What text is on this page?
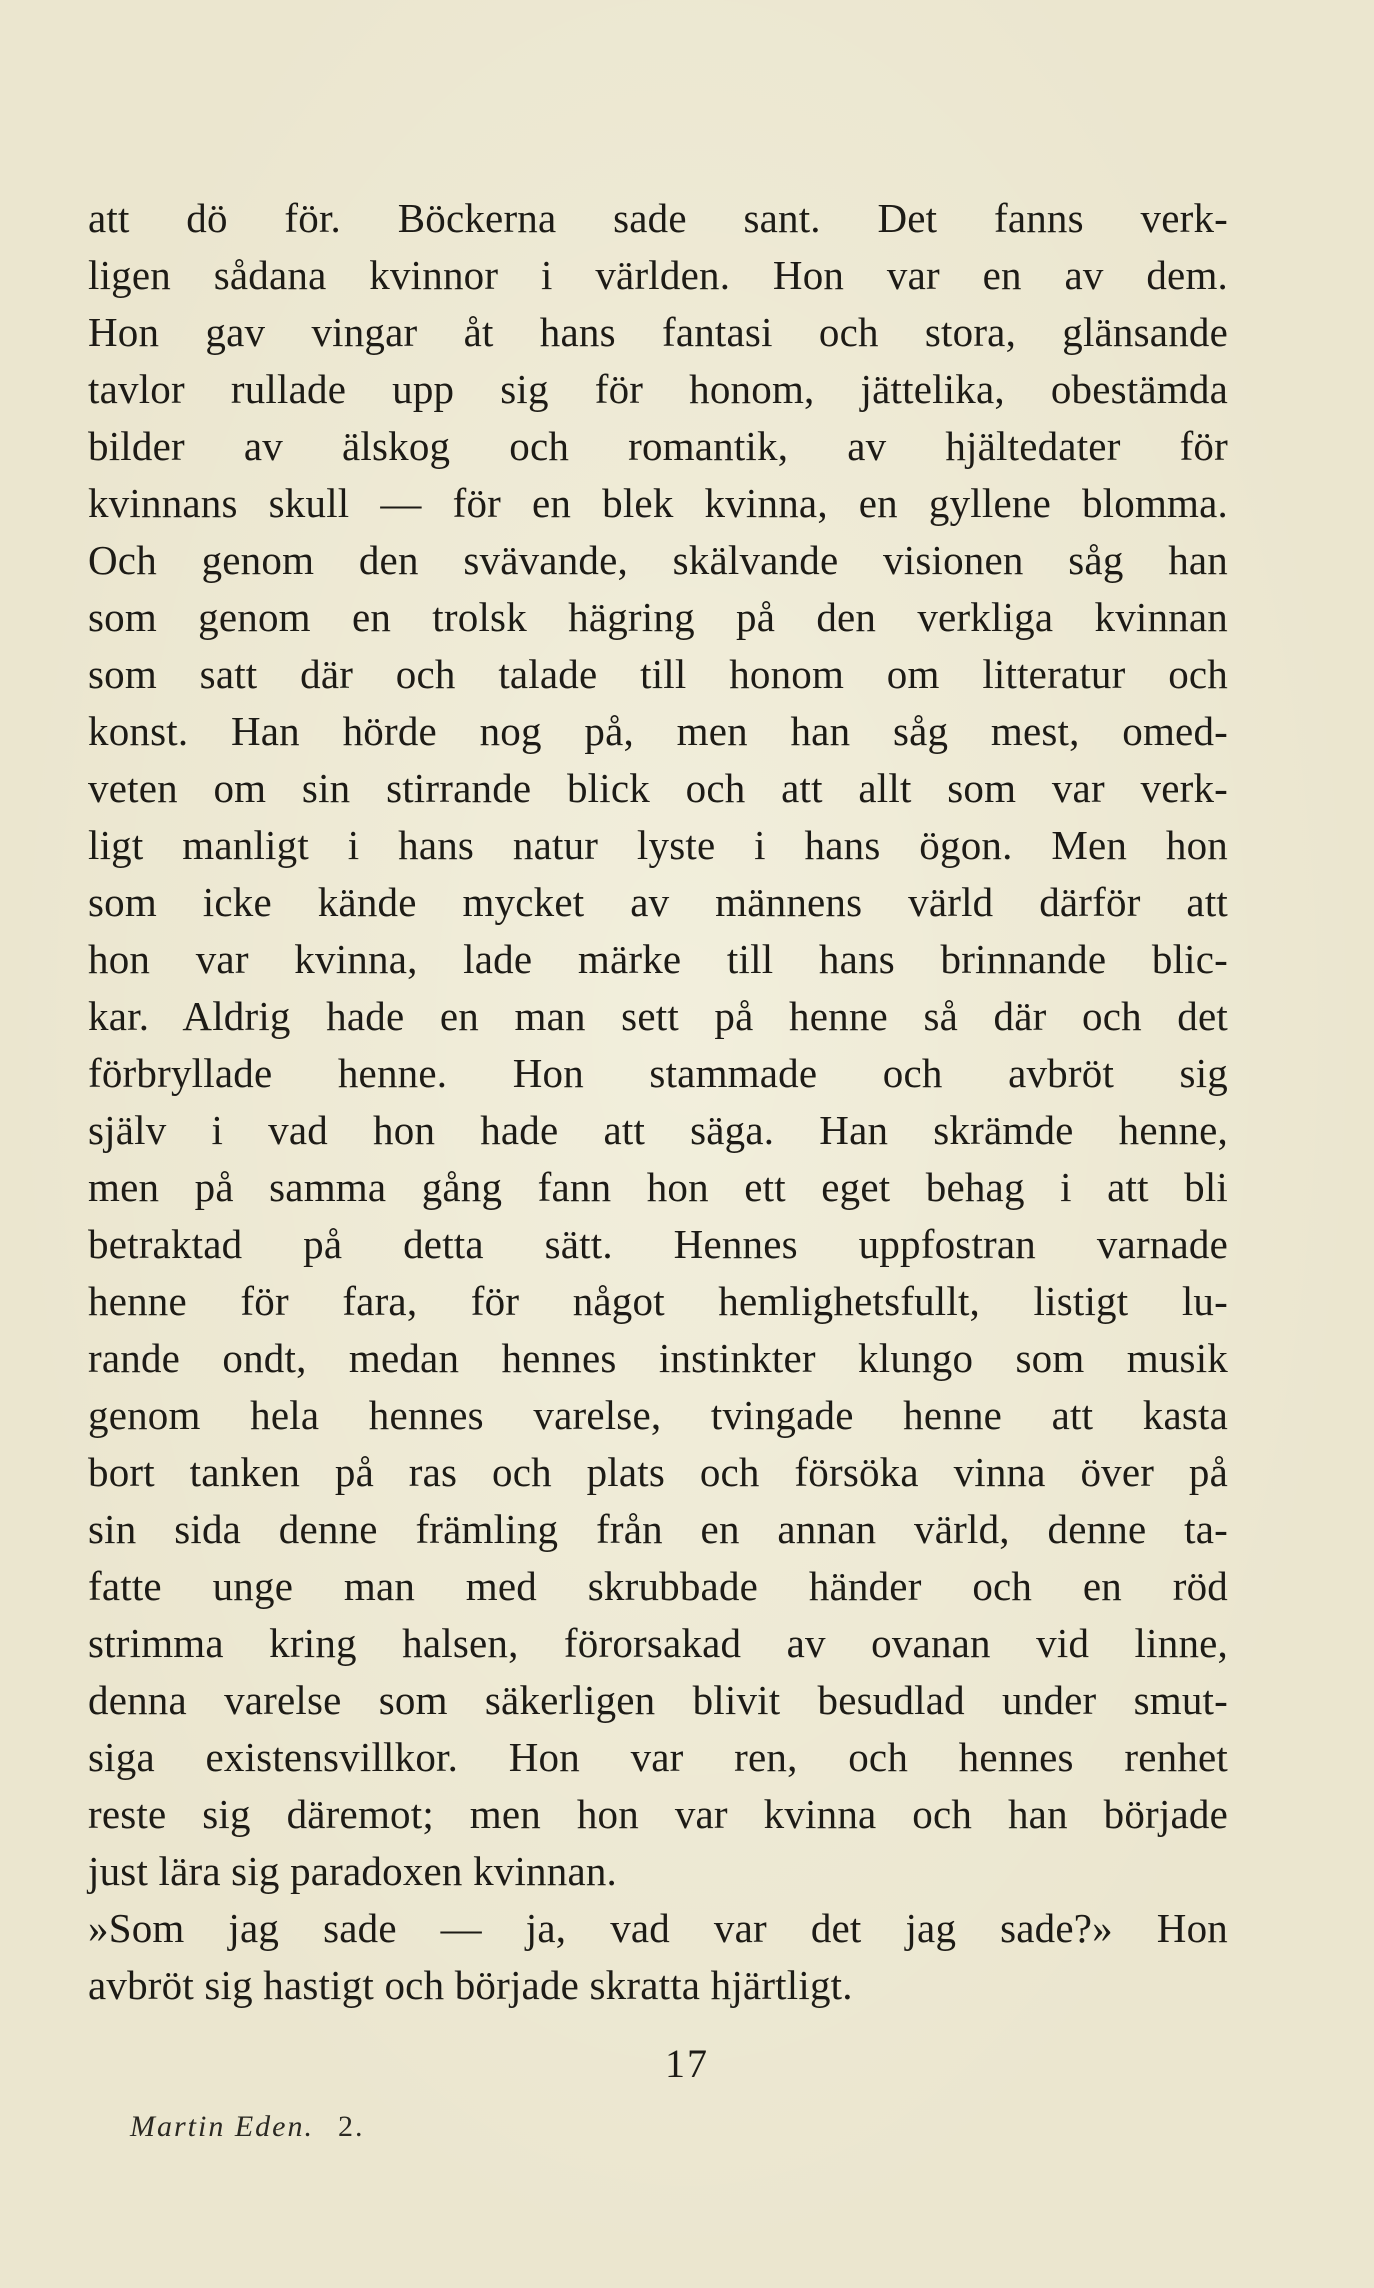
att dö för. Böckerna sade sant. Det fanns verk-
ligen sådana kvinnor i världen. Hon var en av dem.
Hon gav vingar åt hans fantasi och stora, glänsande
tavlor rullade upp sig för honom, jättelika, obestämda
bilder av älskog och romantik, av hjältedater för
kvinnans skull — för en blek kvinna, en gyllene blomma.
Och genom den svävande, skälvande visionen såg han
som genom en trolsk hägring på den verkliga kvinnan
som satt där och talade till honom om litteratur och
konst. Han hörde nog på, men han såg mest, omed-
veten om sin stirrande blick och att allt som var verk-
ligt manligt i hans natur lyste i hans ögon. Men hon
som icke kände mycket av männens värld därför att
hon var kvinna, lade märke till hans brinnande blic-
kar. Aldrig hade en man sett på henne så där och det
förbryllade henne. Hon stammade och avbröt sig
själv i vad hon hade att säga. Han skrämde henne,
men på samma gång fann hon ett eget behag i att bli
betraktad på detta sätt. Hennes uppfostran varnade
henne för fara, för något hemlighetsfullt, listigt lu-
rande ondt, medan hennes instinkter klungo som musik
genom hela hennes varelse, tvingade henne att kasta
bort tanken på ras och plats och försöka vinna över på
sin sida denne främling från en annan värld, denne ta-
fatte unge man med skrubbade händer och en röd
strimma kring halsen, förorsakad av ovanan vid linne,
denna varelse som säkerligen blivit besudlad under smut-
siga existensvillkor. Hon var ren, och hennes renhet
reste sig däremot; men hon var kvinna och han började
just lära sig paradoxen kvinnan.
»Som jag sade — ja, vad var det jag sade?» Hon
avbröt sig hastigt och började skratta hjärtligt.
17
Martin Eden. 2.
